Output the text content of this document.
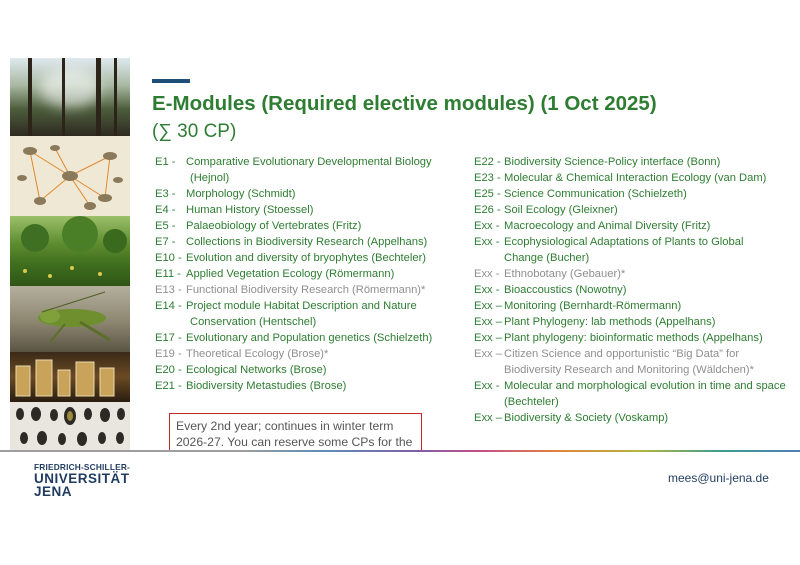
E-Modules (Required elective modules) (1 Oct 2025)
(∑ 30 CP)
E1 - Comparative Evolutionary Developmental Biology
(Hejnol)
E3 - Morphology (Schmidt)
E4 - Human History (Stoessel)
E5 - Palaeobiology of Vertebrates (Fritz)
E7 - Collections in Biodiversity Research (Appelhans)
E10 - Evolution and diversity of bryophytes (Bechteler)
E11 - Applied Vegetation Ecology (Römermann)
E13 - Functional Biodiversity Research (Römermann)*
E14 - Project module Habitat Description and Nature
Conservation (Hentschel)
E17 - Evolutionary and Population genetics (Schielzeth)
E19 - Theoretical Ecology (Brose)*
E20 - Ecological Networks (Brose)
E21 - Biodiversity Metastudies (Brose)
E22 - Biodiversity Science-Policy interface (Bonn)
E23 - Molecular & Chemical Interaction Ecology (van Dam)
E25 - Science Communication (Schielzeth)
E26 - Soil Ecology (Gleixner)
Exx - Macroecology and Animal Diversity (Fritz)
Exx - Ecophysiological Adaptations of Plants to Global
Change (Bucher)
Exx - Ethnobotany (Gebauer)*
Exx - Bioaccoustics (Nowotny)
Exx – Monitoring (Bernhardt-Römermann)
Exx – Plant Phylogeny: lab methods (Appelhans)
Exx – Plant phylogeny: bioinformatic methods (Appelhans)
Exx – Citizen Science and opportunistic “Big Data” for
Biodiversity Research and Monitoring (Wäldchen)*
Exx - Molecular and morphological evolution in time and space
(Bechteler)
Exx – Biodiversity & Society (Voskamp)
Every 2nd year; continues in winter term 2026-27. You can reserve some CPs for the
FRIEDRICH-SCHILLER-
UNIVERSITÄT
JENA
mees@uni-jena.de
